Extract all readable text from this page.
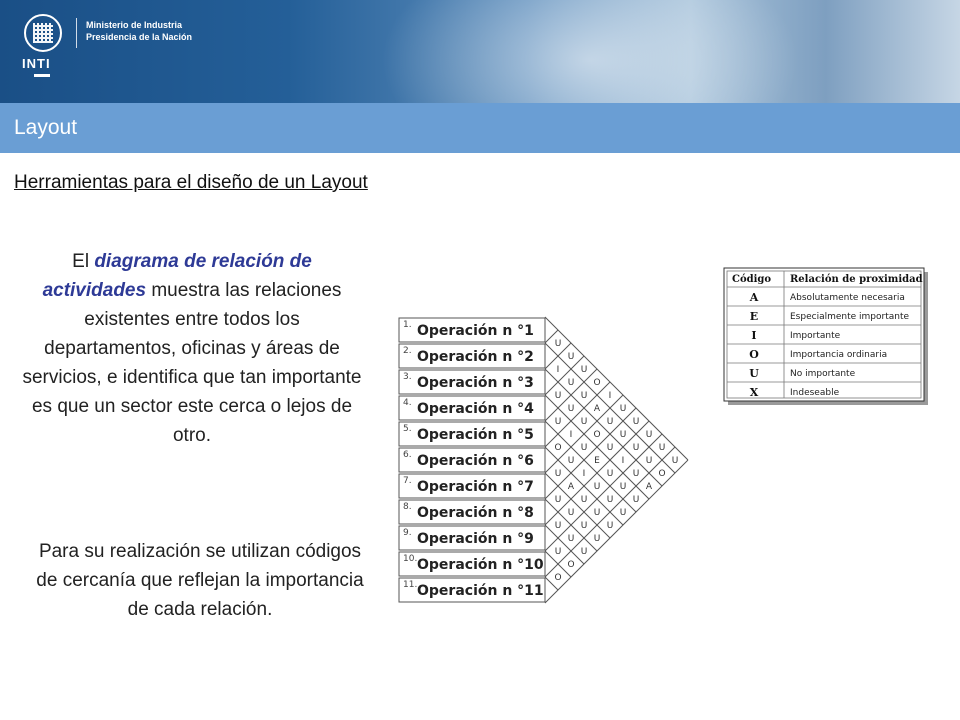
INTI
Ministerio de Industria
Presidencia de la Nación
Layout
Herramientas para el diseño de un Layout
El diagrama de relación de actividades muestra las relaciones existentes entre todos los departamentos, oficinas y áreas de servicios, e identifica que tan importante es que un sector este cerca o lejos de otro.
Para su realización se utilizan códigos de cercanía que reflejan la importancia de cada relación.
1. Operación n °1
2. Operación n °2
3. Operación n °3
4. Operación n °4
5. Operación n °5
6. Operación n °6
7. Operación n °7
8. Operación n °8
9. Operación n °9
10. Operación n °10
11. Operación n °11
U
U
U
O
I
U
U
U
U
U
I
U
U
A
U
U
U
U
O
U
U
U
O
U
I
U
A
U
I
U
E
U
U
U
O
U
I
U
U
U
U
A
U
U
U
U
U
U
U
U
U
U
U
O
O
Código Relación de proximidad
A	Absolutamente necesaria
E	Especialmente importante
I	Importante
O	Importancia ordinaria
U	No importante
X	Indeseable
